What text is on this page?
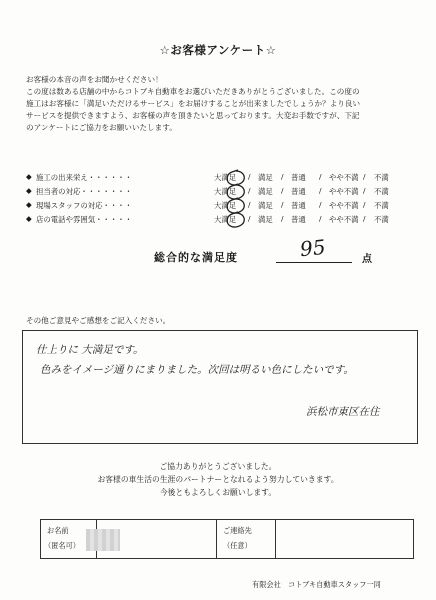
☆お客様アンケート☆
お客様の本音の声をお聞かせください！
この度は数ある店舗の中からコトブキ自動車をお選びいただきありがとうございました。この度の
施工はお客様に「満足いただけるサービス」をお届けすることが出来ましたでしょうか？より良い
サービスを提供できますよう、お客様の声を頂きたいと思っております。大変お手数ですが、下記
のアンケートにご協力をお願いいたします。
◆ 施工の出来栄え・・・・・・	大満足 / 満足 / 普通 / やや不満 / 不満
◆ 担当者の対応・・・・・・・	大満足 / 満足 / 普通 / やや不満 / 不満
◆ 現場スタッフの対応・・・・	大満足 / 満足 / 普通 / やや不満 / 不満
◆ 店の電話や雰囲気・・・・・	大満足 / 満足 / 普通 / やや不満 / 不満
総合的な満足度	95	点
その他ご意見やご感想をご記入ください。
仕上りに 大満足です。
色みをイメージ通りにまりました。次回は明るい色にしたいです。
浜松市東区在住
ご協力ありがとうございました。
お客様の車生活の生涯のパートナーとなれるよう努力していきます。
今後ともよろしくお願いします。
お名前
（匿名可）
ご連絡先
（任意）
有限会社　コトブキ自動車スタッフ一同
